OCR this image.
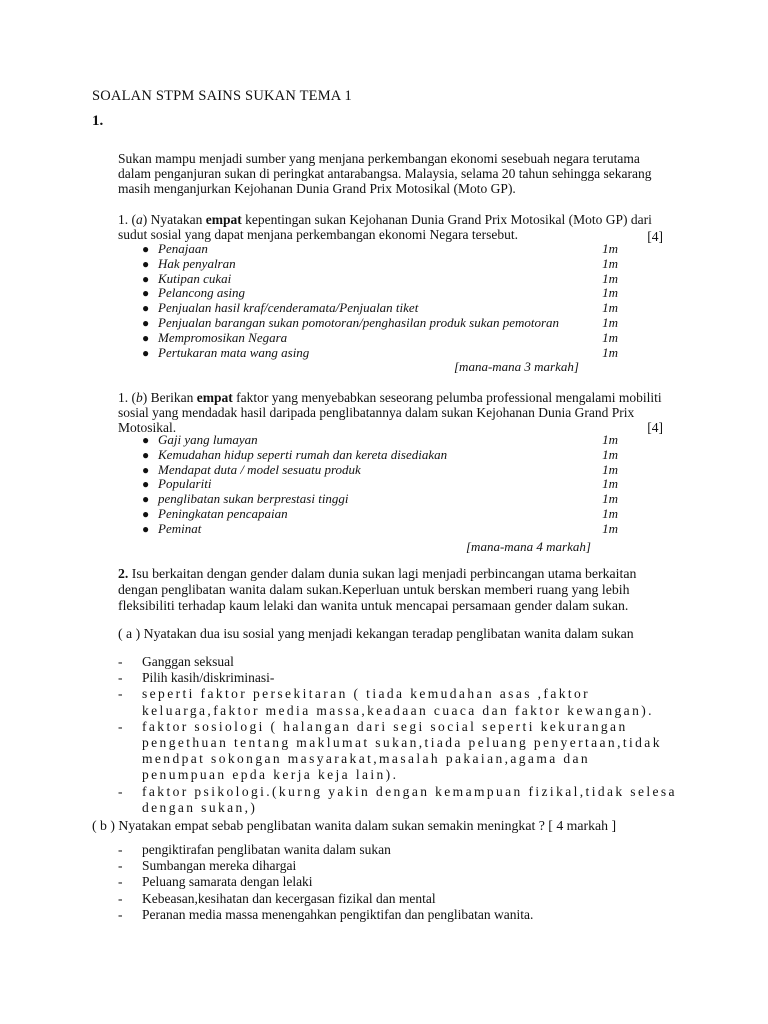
SOALAN STPM SAINS SUKAN TEMA 1
1.
Sukan mampu menjadi sumber yang menjana perkembangan ekonomi sesebuah negara terutama dalam penganjuran sukan di peringkat antarabangsa. Malaysia, selama 20 tahun sehingga sekarang masih menganjurkan Kejohanan Dunia Grand Prix Motosikal (Moto GP).
1. (a) Nyatakan empat kepentingan sukan Kejohanan Dunia Grand Prix Motosikal (Moto GP) dari sudut sosial yang dapat menjana perkembangan ekonomi Negara tersebut.	[4]
● Penajaan	1m
● Hak penyalran	1m
● Kutipan cukai	1m
● Pelancong asing	1m
● Penjualan hasil kraf/cenderamata/Penjualan tiket	1m
● Penjualan barangan sukan pomotoran/penghasilan produk sukan pemotoran	1m
● Mempromosikan Negara	1m
● Pertukaran mata wang asing	1m
[mana-mana 3 markah]
1. (b) Berikan empat faktor yang menyebabkan seseorang pelumba professional mengalami mobiliti sosial yang mendadak hasil daripada penglibatannya dalam sukan Kejohanan Dunia Grand Prix Motosikal.	[4]
● Gaji yang lumayan	1m
● Kemudahan hidup seperti rumah dan kereta disediakan	1m
● Mendapat duta / model sesuatu produk	1m
● Populariti	1m
● penglibatan sukan berprestasi tinggi	1m
● Peningkatan pencapaian	1m
● Peminat	1m
[mana-mana 4 markah]
2. Isu berkaitan dengan gender dalam dunia sukan lagi menjadi perbincangan utama berkaitan dengan penglibatan wanita dalam sukan.Keperluan untuk berskan memberi ruang yang lebih fleksibiliti terhadap kaum lelaki dan wanita untuk mencapai persamaan gender dalam sukan.
( a ) Nyatakan dua isu sosial yang menjadi kekangan teradap penglibatan wanita dalam sukan
- Ganggan seksual
- Pilih kasih/diskriminasi-
- seperti faktor persekitaran ( tiada kemudahan asas ,faktor keluarga,faktor media massa,keadaan cuaca dan faktor kewangan).
- faktor sosiologi ( halangan dari segi social seperti kekurangan pengethuan tentang maklumat sukan,tiada peluang penyertaan,tidak mendpat sokongan masyarakat,masalah pakaian,agama dan penumpuan epda kerja keja lain).
- faktor psikologi.(kurng yakin dengan kemampuan fizikal,tidak selesa dengan sukan,)
( b ) Nyatakan empat sebab penglibatan wanita dalam sukan semakin meningkat ? [ 4 markah ]
- pengiktirafan penglibatan wanita dalam sukan
- Sumbangan mereka dihargai
- Peluang samarata dengan lelaki
- Kebeasan,kesihatan dan kecergasan fizikal dan mental
- Peranan media massa menengahkan pengiktifan dan penglibatan wanita.
